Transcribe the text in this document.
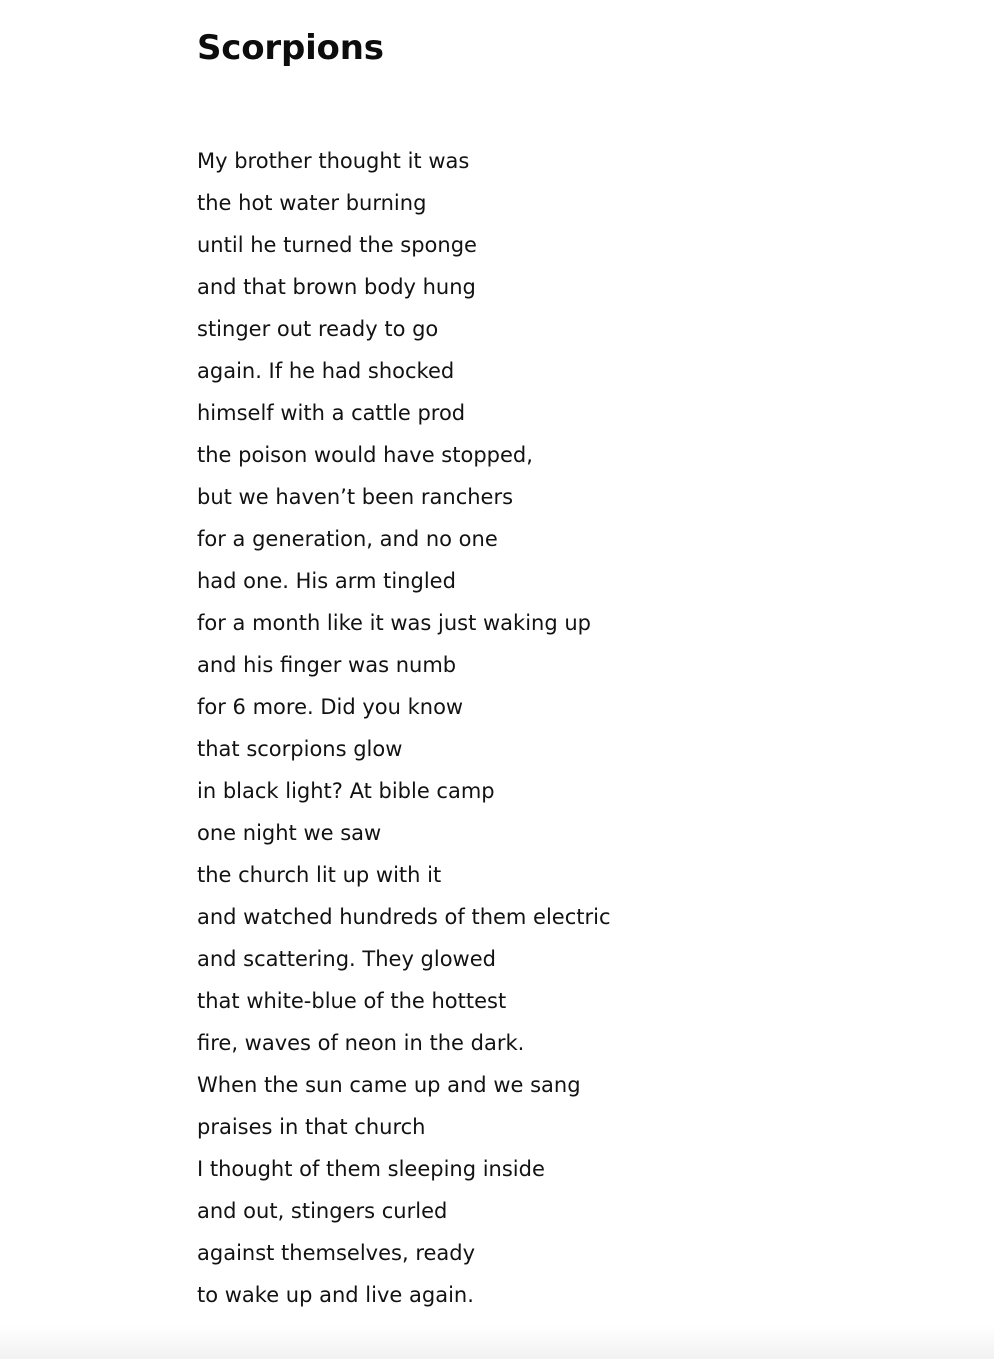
Scorpions
My brother thought it was
the hot water burning
until he turned the sponge
and that brown body hung
stinger out ready to go
again. If he had shocked
himself with a cattle prod
the poison would have stopped,
but we haven’t been ranchers
for a generation, and no one
had one. His arm tingled
for a month like it was just waking up
and his finger was numb
for 6 more. Did you know
that scorpions glow
in black light? At bible camp
one night we saw
the church lit up with it
and watched hundreds of them electric
and scattering. They glowed
that white-blue of the hottest
fire, waves of neon in the dark.
When the sun came up and we sang
praises in that church
I thought of them sleeping inside
and out, stingers curled
against themselves, ready
to wake up and live again.
